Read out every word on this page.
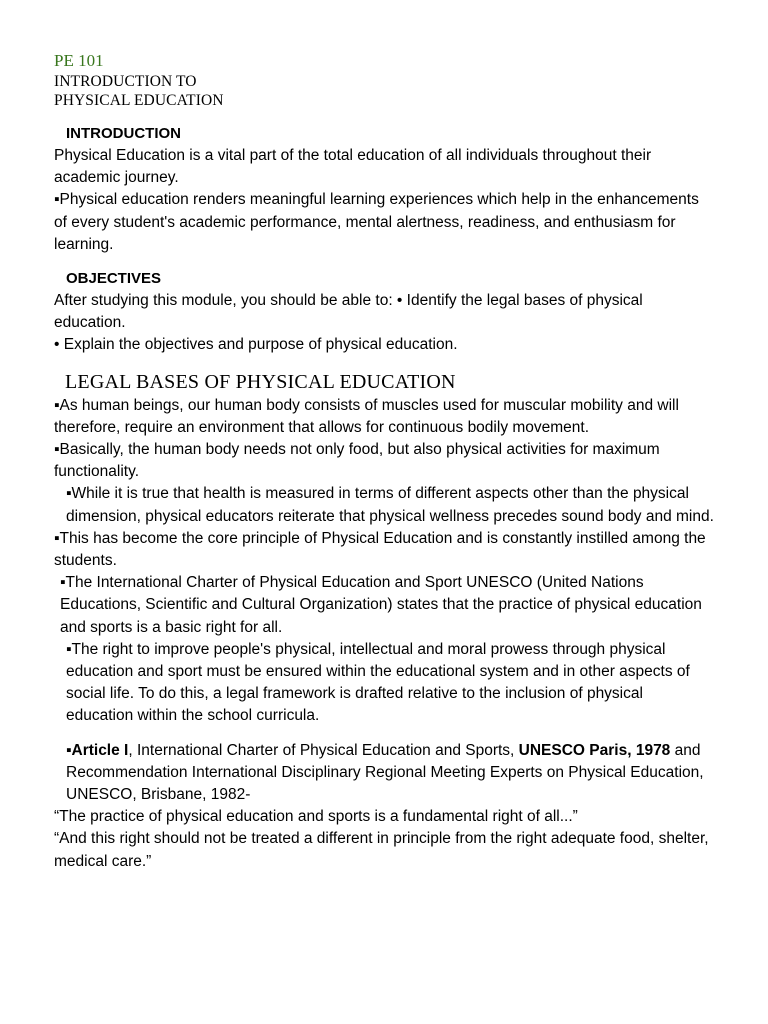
PE 101
INTRODUCTION TO
PHYSICAL EDUCATION
INTRODUCTION

Physical Education is a vital part of the total education of all individuals throughout their academic journey.

▪Physical education renders meaningful learning experiences which help in the enhancements of every student's academic performance, mental alertness, readiness, and enthusiasm for learning.

OBJECTIVES

After studying this module, you should be able to: • Identify the legal bases of physical education.

• Explain the objectives and purpose of physical education.

LEGAL BASES OF PHYSICAL EDUCATION

▪As human beings, our human body consists of muscles used for muscular mobility and will therefore, require an environment that allows for continuous bodily movement.

▪Basically, the human body needs not only food, but also physical activities for maximum functionality.

▪While it is true that health is measured in terms of different aspects other than the physical dimension, physical educators reiterate that physical wellness precedes sound body and mind.

▪This has become the core principle of Physical Education and is constantly instilled among the students.

▪The International Charter of Physical Education and Sport UNESCO (United Nations Educations, Scientific and Cultural Organization) states that the practice of physical education and sports is a basic right for all.

▪The right to improve people's physical, intellectual and moral prowess through physical education and sport must be ensured within the educational system and in other aspects of social life. To do this, a legal framework is drafted relative to the inclusion of physical education within the school curricula.

▪Article I, International Charter of Physical Education and Sports, UNESCO Paris, 1978 and Recommendation International Disciplinary Regional Meeting Experts on Physical Education, UNESCO, Brisbane, 1982-

“The practice of physical education and sports is a fundamental right of all...”

“And this right should not be treated a different in principle from the right adequate food, shelter, medical care.”
